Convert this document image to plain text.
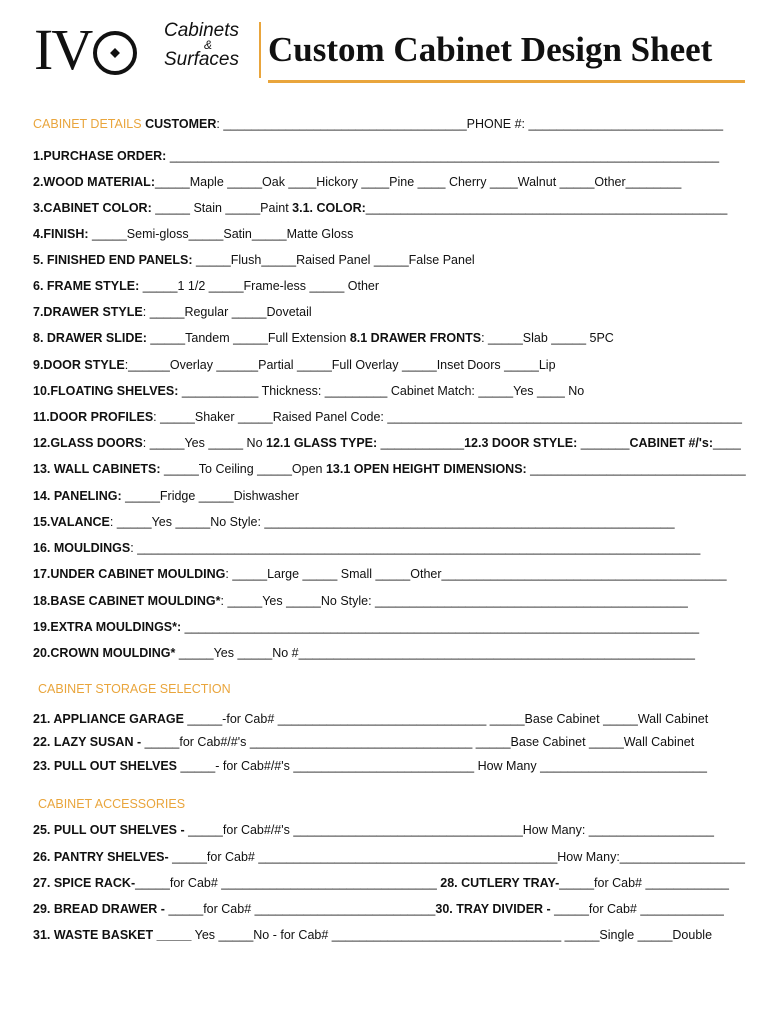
IV	Cabinets
&
Surfaces Custom Cabinet Design Sheet
CABINET DETAILS CUSTOMER: ___________________________________PHONE #: ____________________________
1.PURCHASE ORDER: _______________________________________________________________________________
2.WOOD MATERIAL:_____Maple _____Oak ____Hickory ____Pine ____ Cherry ____Walnut _____Other________
3.CABINET COLOR: _____ Stain _____Paint 3.1. COLOR:____________________________________________________
4.FINISH: _____Semi-gloss_____Satin_____Matte Gloss
5. FINISHED END PANELS: _____Flush_____Raised Panel _____False Panel
6. FRAME STYLE: _____1 1/2 _____Frame-less _____ Other
7.DRAWER STYLE: _____Regular _____Dovetail
8. DRAWER SLIDE: _____Tandem _____Full Extension 8.1 DRAWER FRONTS: _____Slab _____ 5PC
9.DOOR STYLE:______Overlay ______Partial _____Full Overlay _____Inset Doors _____Lip
10.FLOATING SHELVES: ___________ Thickness: _________ Cabinet Match: _____Yes ____ No
11.DOOR PROFILES: _____Shaker _____Raised Panel Code: ___________________________________________________
12.GLASS DOORS: _____Yes _____ No 12.1 GLASS TYPE: ____________12.3 DOOR STYLE: _______CABINET #/'s:____
13. WALL CABINETS: _____To Ceiling _____Open 13.1 OPEN HEIGHT DIMENSIONS: _______________________________
14. PANELING: _____Fridge _____Dishwasher
15.VALANCE: _____Yes _____No Style: ___________________________________________________________
16. MOULDINGS: _________________________________________________________________________________
17.UNDER CABINET MOULDING: _____Large _____ Small _____Other_________________________________________
18.BASE CABINET MOULDING*: _____Yes _____No Style: _____________________________________________
19.EXTRA MOULDINGS*: __________________________________________________________________________
20.CROWN MOULDING* _____Yes _____No #_________________________________________________________
CABINET STORAGE SELECTION
21. APPLIANCE GARAGE _____-for Cab# ______________________________ _____Base Cabinet _____Wall Cabinet
22. LAZY SUSAN - _____for Cab#/#'s ________________________________ _____Base Cabinet _____Wall Cabinet
23. PULL OUT SHELVES _____- for Cab#/#'s __________________________ How Many ________________________
CABINET ACCESSORIES
25. PULL OUT SHELVES - _____for Cab#/#'s _________________________________How Many: __________________
26. PANTRY SHELVES- _____for Cab# ___________________________________________How Many:__________________
27. SPICE RACK-_____for Cab# _______________________________ 28. CUTLERY TRAY-_____for Cab# ____________
29. BREAD DRAWER - _____for Cab# __________________________30. TRAY DIVIDER - _____for Cab# ____________
31. WASTE BASKET _____ Yes _____No - for Cab# _________________________________ _____Single _____Double
